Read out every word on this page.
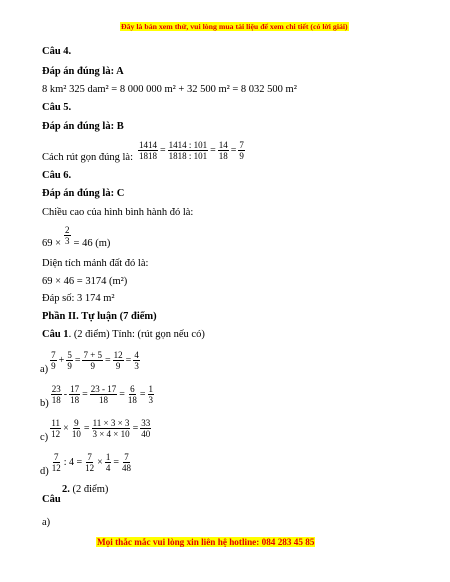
Đây là bản xem thử, vui lòng mua tài liệu để xem chi tiết (có lời giải)
Câu 4.
Đáp án đúng là: A
8 km² 325 dam² = 8 000 000 m² + 32 500 m² = 8 032 500 m²
Câu 5.
Đáp án đúng là: B
Cách rút gọn đúng là: $\frac{1414}{1818} = \frac{1414 : 101}{1818 : 101} = \frac{14}{18} = \frac{7}{9}$
Câu 6.
Đáp án đúng là: C
Chiều cao của hình bình hành đó là:
$69 \times \frac{2}{3} = 46$ (m)
Diện tích mảnh đất đó là:
69 × 46 = 3174 (m²)
Đáp số: 3 174 m²
Phần II. Tự luận (7 điểm)
Câu 1. (2 điểm) Tính: (rút gọn nếu có)
$a) \frac{7}{9} + \frac{5}{9} = \frac{7 + 5}{9} = \frac{12}{9} = \frac{4}{3}$
$b) \frac{23}{18} - \frac{17}{18} = \frac{23 - 17}{18} = \frac{6}{18} = \frac{1}{3}$
$c) \frac{11}{12} \times \frac{9}{10} = \frac{11 \times 3 \times 3}{3 \times 4 \times 10} = \frac{33}{40}$
$d) \frac{7}{12}$ : $4 = \frac{7}{12} \times \frac{1}{4} = \frac{7}{48}$
2. (2 điểm)
Câu
a)
Mọi thắc mắc vui lòng xin liên hệ hotline: 084 283 45 85
